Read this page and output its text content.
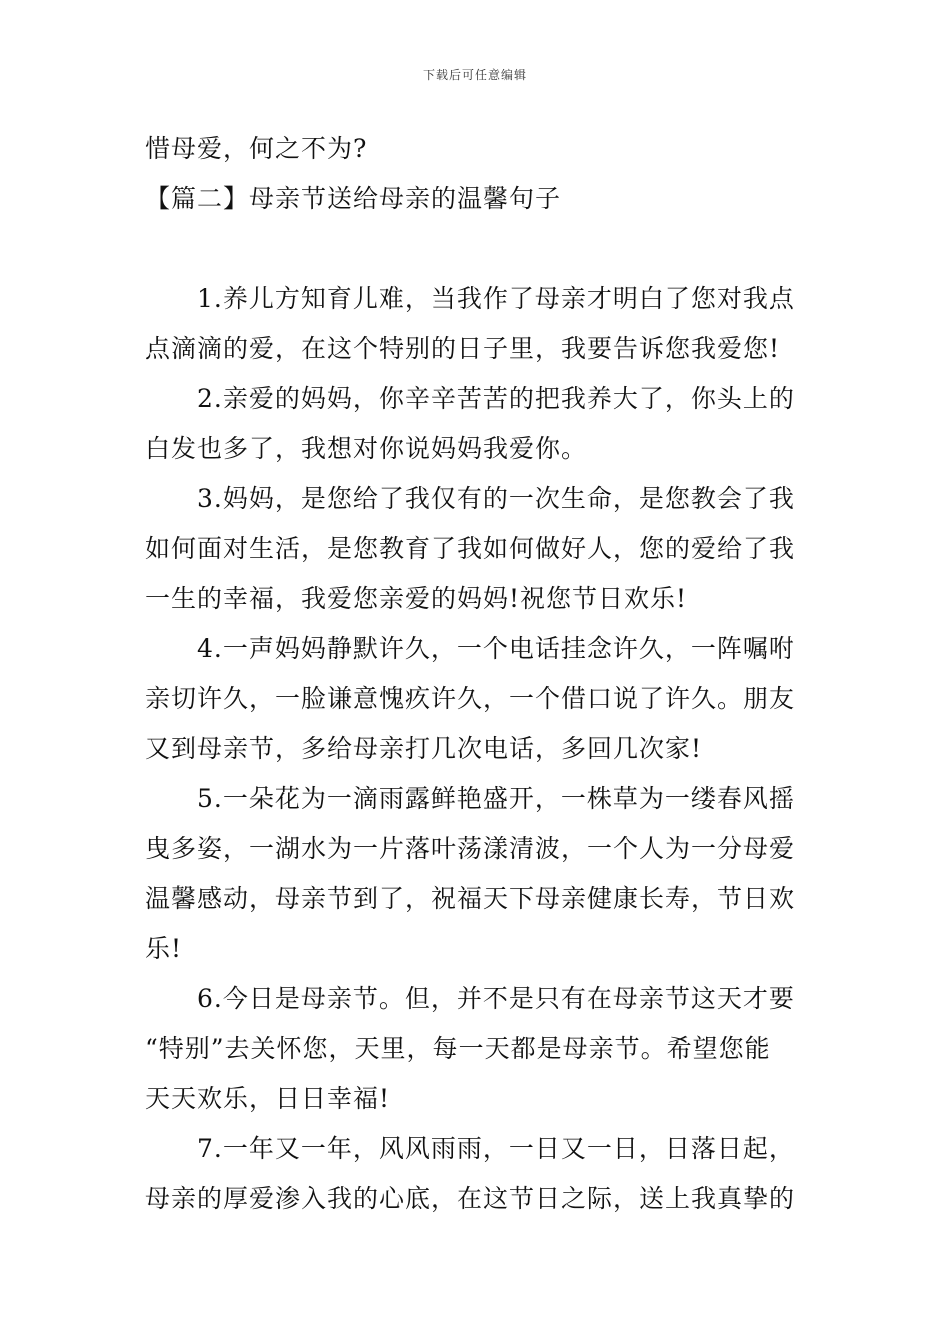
下载后可任意编辑
惜母爱，何之不为?
【篇二】母亲节送给母亲的温馨句子
1.养儿方知育儿难，当我作了母亲才明白了您对我点
点滴滴的爱，在这个特别的日子里，我要告诉您我爱您!
2.亲爱的妈妈，你辛辛苦苦的把我养大了，你头上的
白发也多了，我想对你说妈妈我爱你。
3.妈妈，是您给了我仅有的一次生命，是您教会了我
如何面对生活，是您教育了我如何做好人，您的爱给了我
一生的幸福，我爱您亲爱的妈妈!祝您节日欢乐!
4.一声妈妈静默许久，一个电话挂念许久，一阵嘱咐
亲切许久，一脸谦意愧疚许久，一个借口说了许久。朋友
又到母亲节，多给母亲打几次电话，多回几次家!
5.一朵花为一滴雨露鲜艳盛开，一株草为一缕春风摇
曳多姿，一湖水为一片落叶荡漾清波，一个人为一分母爱
温馨感动，母亲节到了，祝福天下母亲健康长寿，节日欢
乐!
6.今日是母亲节。但，并不是只有在母亲节这天才要
“特别”去关怀您，天里，每一天都是母亲节。希望您能
天天欢乐，日日幸福!
7.一年又一年，风风雨雨，一日又一日，日落日起，
母亲的厚爱渗入我的心底，在这节日之际，送上我真挚的
